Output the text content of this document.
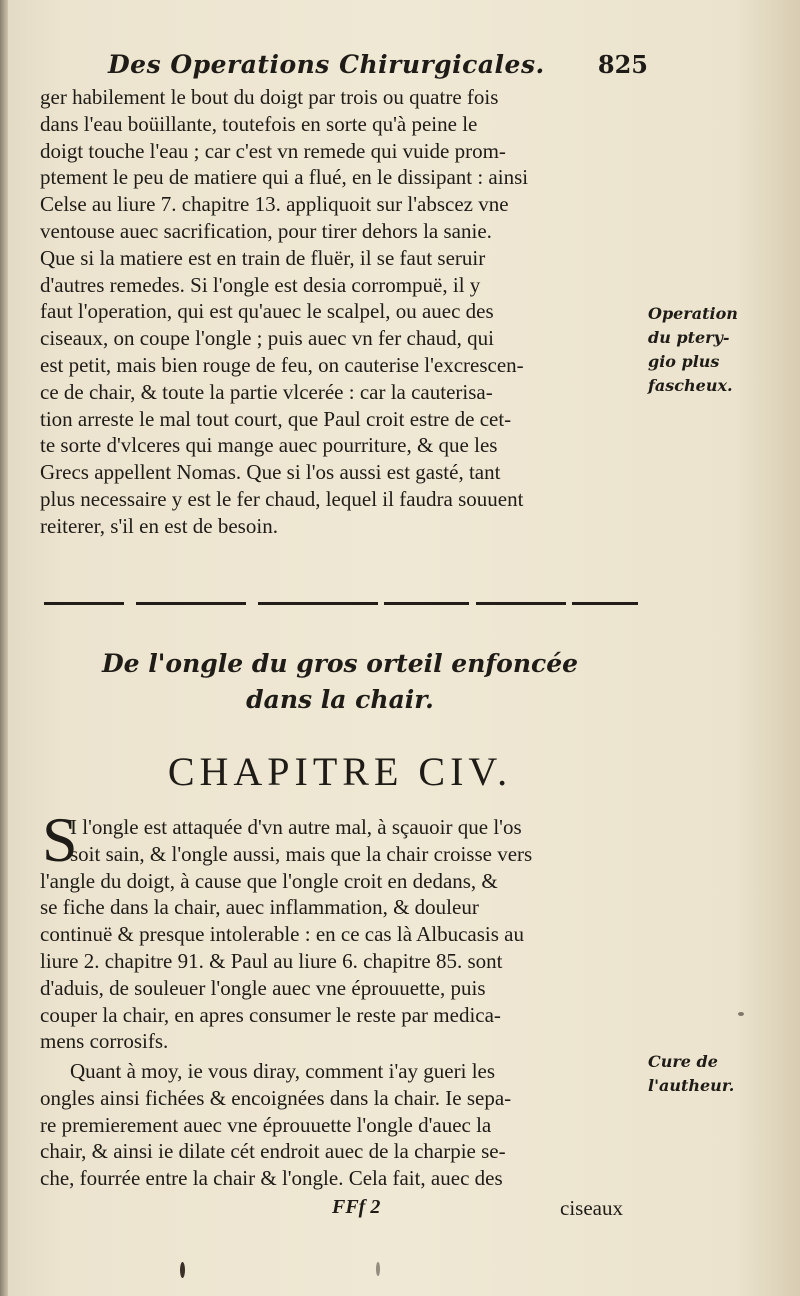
Des Operations Chirurgicales. 825
ger habilement le bout du doigt par trois ou quatre fois
dans l'eau boüillante, toutefois en sorte qu'à peine le
doigt touche l'eau ; car c'est vn remede qui vuide prom-
ptement le peu de matiere qui a flué, en le dissipant : ainsi
Celse au liure 7. chapitre 13. appliquoit sur l'abscez vne
ventouse auec sacrification, pour tirer dehors la sanie.
Que si la matiere est en train de fluër, il se faut seruir
d'autres remedes. Si l'ongle est desia corrompuë, il y
faut l'operation, qui est qu'auec le scalpel, ou auec des
ciseaux, on coupe l'ongle ; puis auec vn fer chaud, qui
est petit, mais bien rouge de feu, on cauterise l'excrescen-
ce de chair, & toute la partie vlcerée : car la cauterisa-
tion arreste le mal tout court, que Paul croit estre de cet-
te sorte d'vlceres qui mange auec pourriture, & que les
Grecs appellent Nomas. Que si l'os aussi est gasté, tant
plus necessaire y est le fer chaud, lequel il faudra souuent
reiterer, s'il en est de besoin.
Operation
du ptery-
gio plus
fascheux.
De l'ongle du gros orteil enfoncée
dans la chair.
CHAPITRE CIV.
S
I l'ongle est attaquée d'vn autre mal, à sçauoir que l'os
soit sain, & l'ongle aussi, mais que la chair croisse vers
l'angle du doigt, à cause que l'ongle croit en dedans, &
se fiche dans la chair, auec inflammation, & douleur
continuë & presque intolerable : en ce cas là Albucasis au
liure 2. chapitre 91. & Paul au liure 6. chapitre 85. sont
d'aduis, de souleuer l'ongle auec vne éprouuette, puis
couper la chair, en apres consumer le reste par medica-
mens corrosifs.
Quant à moy, ie vous diray, comment i'ay gueri les
ongles ainsi fichées & encoignées dans la chair. Ie sepa-
re premierement auec vne éprouuette l'ongle d'auec la
chair, & ainsi ie dilate cét endroit auec de la charpie se-
che, fourrée entre la chair & l'ongle. Cela fait, auec des
Cure de
l'autheur.
FFf 2	ciseaux
